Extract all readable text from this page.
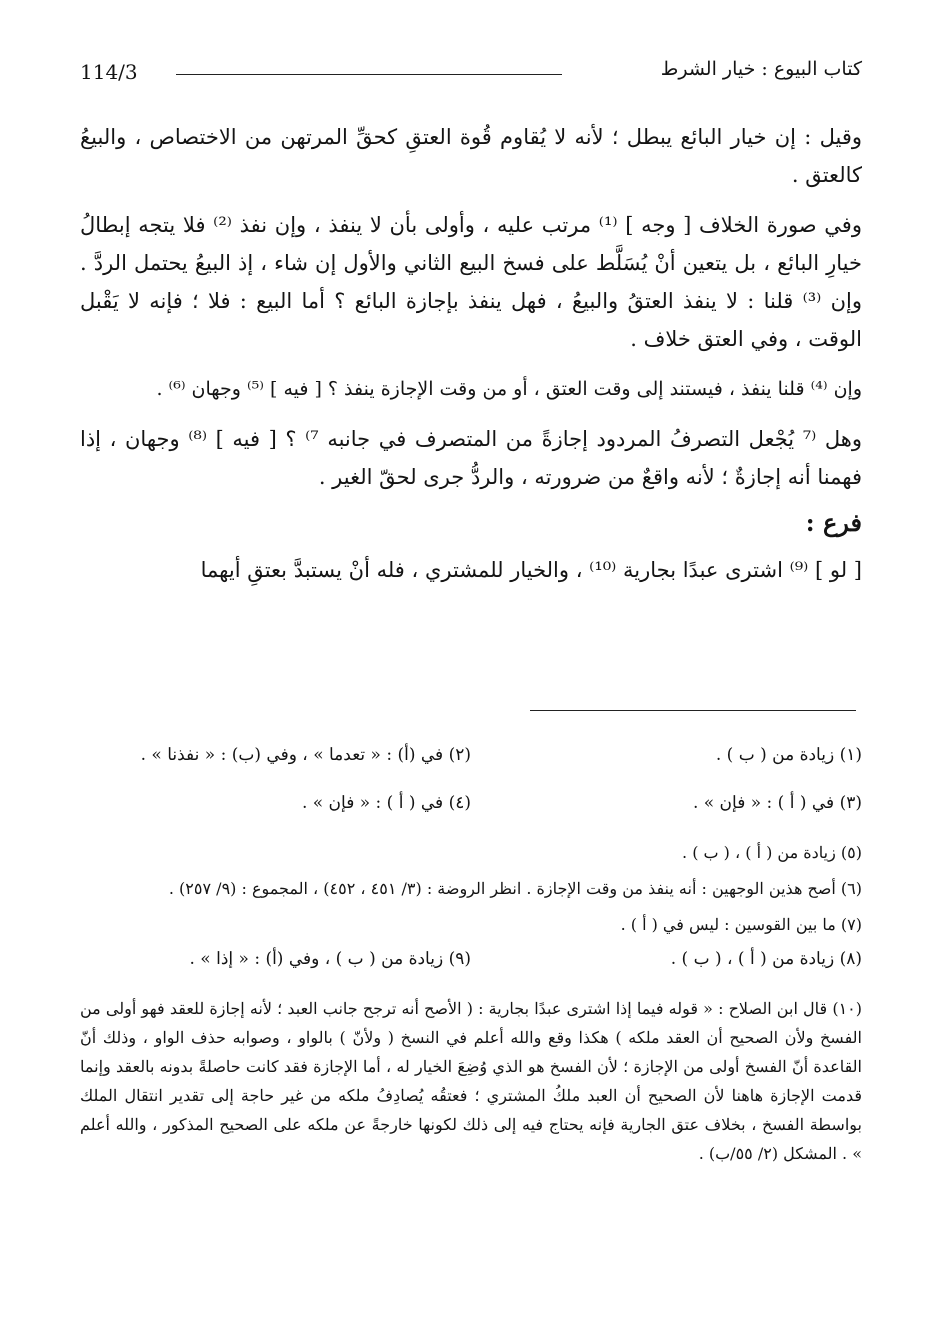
114/3	كتاب البيوع : خيار الشرط

وقيل : إن خيار البائع يبطل ؛ لأنه لا يُقاوم قُوة العتقِ كحقِّ المرتهن من الاختصاص ، والبيعُ كالعتق .

وفي صورة الخلاف [ وجه ] ⁽¹⁾ مرتب عليه ، وأولى بأن لا ينفذ ، وإن نفذ ⁽²⁾ فلا يتجه إبطالُ خيارِ البائع ، بل يتعين أنْ يُسَلَّط على فسخ البيع الثاني والأول إن شاء ، إذ البيعُ يحتمل الردَّ . وإن ⁽³⁾ قلنا : لا ينفذ العتقُ والبيعُ ، فهل ينفذ بإجازة البائع ؟ أما البيع : فلا ؛ فإنه لا يَقْبل الوقت ، وفي العتق خلاف .

وإن ⁽⁴⁾ قلنا ينفذ ، فيستند إلى وقت العتق ، أو من وقت الإجازة ينفذ ؟ [ فيه ] ⁽⁵⁾ وجهان ⁽⁶⁾ .

وهل ⁽⁷ يُجْعل التصرفُ المردود إجازةً من المتصرف في جانبه ⁷⁾ ؟ [ فيه ] ⁽⁸⁾ وجهان ، إذا فهمنا أنه إجازةٌ ؛ لأنه واقعٌ من ضرورته ، والردُّ جرى لحقّ الغير .

فرع :

[ لو ] ⁽⁹⁾ اشترى عبدًا بجارية ⁽¹⁰⁾ ، والخيار للمشتري ، فله أنْ يستبدَّ بعتقِ أيهما

(١) زيادة من ( ب ) .
(٢) في (أ) : « تعدما » ، وفي (ب) : « نفذنا » .
(٣) في ( أ ) : « فإن » .
(٤) في ( أ ) : « فإن » .
(٥) زيادة من ( أ ) ، ( ب ) .
(٦) أصح هذين الوجهين : أنه ينفذ من وقت الإجازة . انظر الروضة : (٣/ ٤٥١ ، ٤٥٢) ، المجموع : (٩/ ٢٥٧) .
(٧) ما بين القوسين : ليس في ( أ ) .
(٨) زيادة من ( أ ) ، ( ب ) .
(٩) زيادة من ( ب ) ، وفي (أ) : « إذا » .
(١٠) قال ابن الصلاح : « قوله فيما إذا اشترى عبدًا بجارية : ( الأصح أنه ترجح جانب العبد ؛ لأنه إجازة للعقد فهو أولى من الفسخ ولأن الصحيح أن العقد ملكه ) هكذا وقع والله أعلم في النسخ ( ولأنّ ) بالواو ، وصوابه حذف الواو ، وذلك أنّ القاعدة أنّ الفسخ أولى من الإجازة ؛ لأن الفسخ هو الذي وُضِعَ الخيار له ، أما الإجازة فقد كانت حاصلةً بدونه بالعقد وإنما قدمت الإجازة هاهنا لأن الصحيح أن العبد ملكُ المشتري ؛ فعتقُه يُصادِفُ ملكه من غير حاجة إلى تقدير انتقال الملك بواسطة الفسخ ، بخلاف عتق الجارية فإنه يحتاج فيه إلى ذلك لكونها خارجةً عن ملكه على الصحيح المذكور ، والله أعلم » . المشكل (٢/ ٥٥/ب) .
